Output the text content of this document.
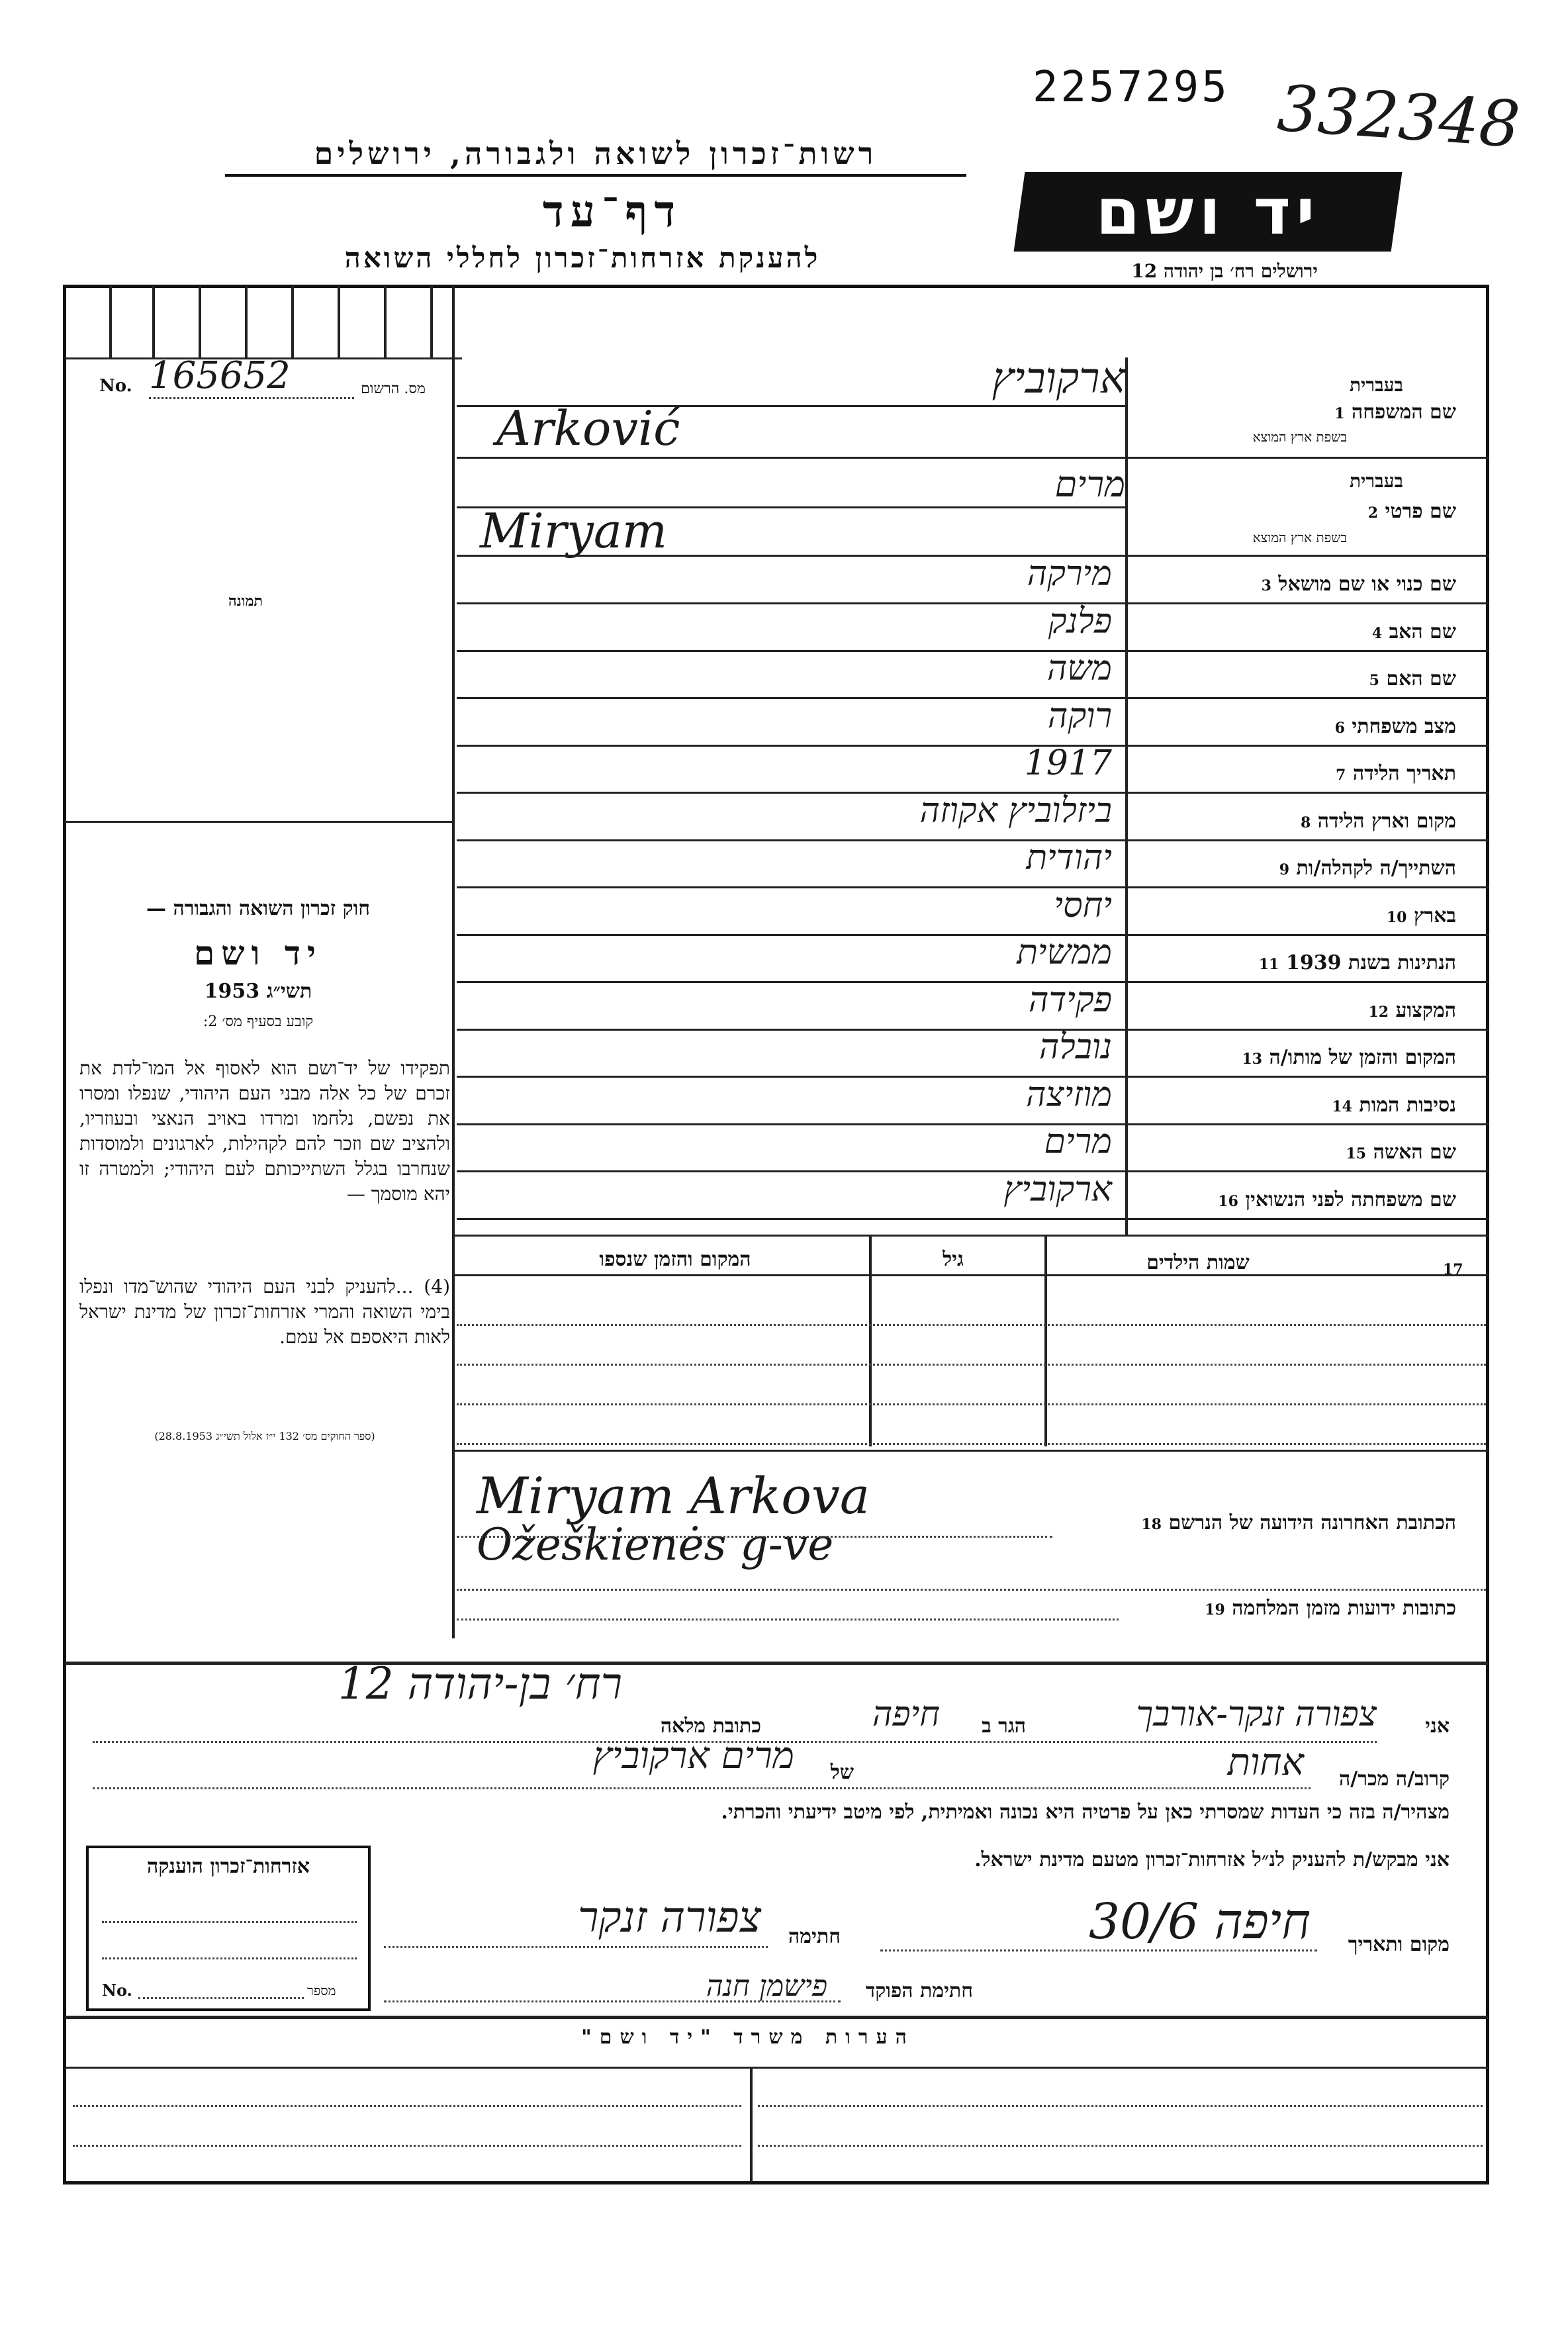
2257295 332348
רשות־זכרון לשואה ולגבורה, ירושלים
דף־עד
להענקת אזרחות־זכרון לחללי השואה
יד ושם
ירושלים רח׳ בן יהודה 12
No. 165652	מס. הרשום
תמונה
חוק זכרון השואה והגבורה —
יד ושם
תשי״ג 1953
קובע בסעיף מס׳ 2:
תפקידו של יד־ושם הוא לאסוף אל המו־לדת את זכרם של כל אלה מבני העם היהודי, שנפלו ומסרו את נפשם, נלחמו ומרדו באויב הנאצי ובעוזריו, ולהציב שם וזכר להם לקהילות, לארגונים ולמוסדות שנחרבו בגלל השתייכותם לעם היהודי; ולמטרה זו יהא מוסמך —
(4) ...להעניק לבני העם היהודי שהוש־מדו ונפלו בימי השואה והמרי אזרחות־זכרון של מדינת ישראל לאות היאספם אל עמם.
(ספר החוקים מס׳ 132 י״ז אלול תשי״ג 28.8.1953)
בעברית
שם המשפחה 1
בשפת ארץ המוצא
ארקוביץ
Arković
בעברית
שם פרטי 2
בשפת ארץ המוצא
מרים
Miryam
שם כנוי או שם מושאל 3
מירקה
שם האב 4
פלנק
שם האם 5
משה
מצב משפחתי 6
רוקה
תאריך הלידה 7
1917
מקום וארץ הלידה 8
ביזלוביץ אקוזה
השתייך/ה לקהלה/ות 9
יהודית
בארץ 10
יחסי
הנתינות בשנת 1939 11
ממשית
המקצוע 12
פקידה
המקום והזמן של מותו/ה 13
נובלה
נסיבות המות 14
מוזיצה
שם האשה 15
מרים
שם משפחתה לפני הנשואין 16
ארקוביץ
שמות הילדים	17
גיל
המקום והזמן שנספו
Miryam Arkova
Ožeškienės g-ve	הכתובת האחרונה הידועה של הנרשם 18
כתובות ידועות מזמן המלחמה 19
אני
צפורה זנקר-אורבך
הגר ב
חיפה
כתובת מלאה
רח׳ בן-יהודה 12
קרוב/ה מכר/ה
אחות
של
מרים ארקוביץ
מצהיר/ה בזה כי העדות שמסרתי כאן על פרטיה היא נכונה ואמיתית, לפי מיטב ידיעתי והכרתי.
אני מבקש/ת להעניק לנ״ל אזרחות־זכרון מטעם מדינת ישראל.
מקום ותאריך
חיפה 30/6
חתימה
צפורה זנקר
חתימת הפוקד
פישמן חנה
אזרחות־זכרון הוענקה
No.	מספר
הערות משרד "יד ושם"
